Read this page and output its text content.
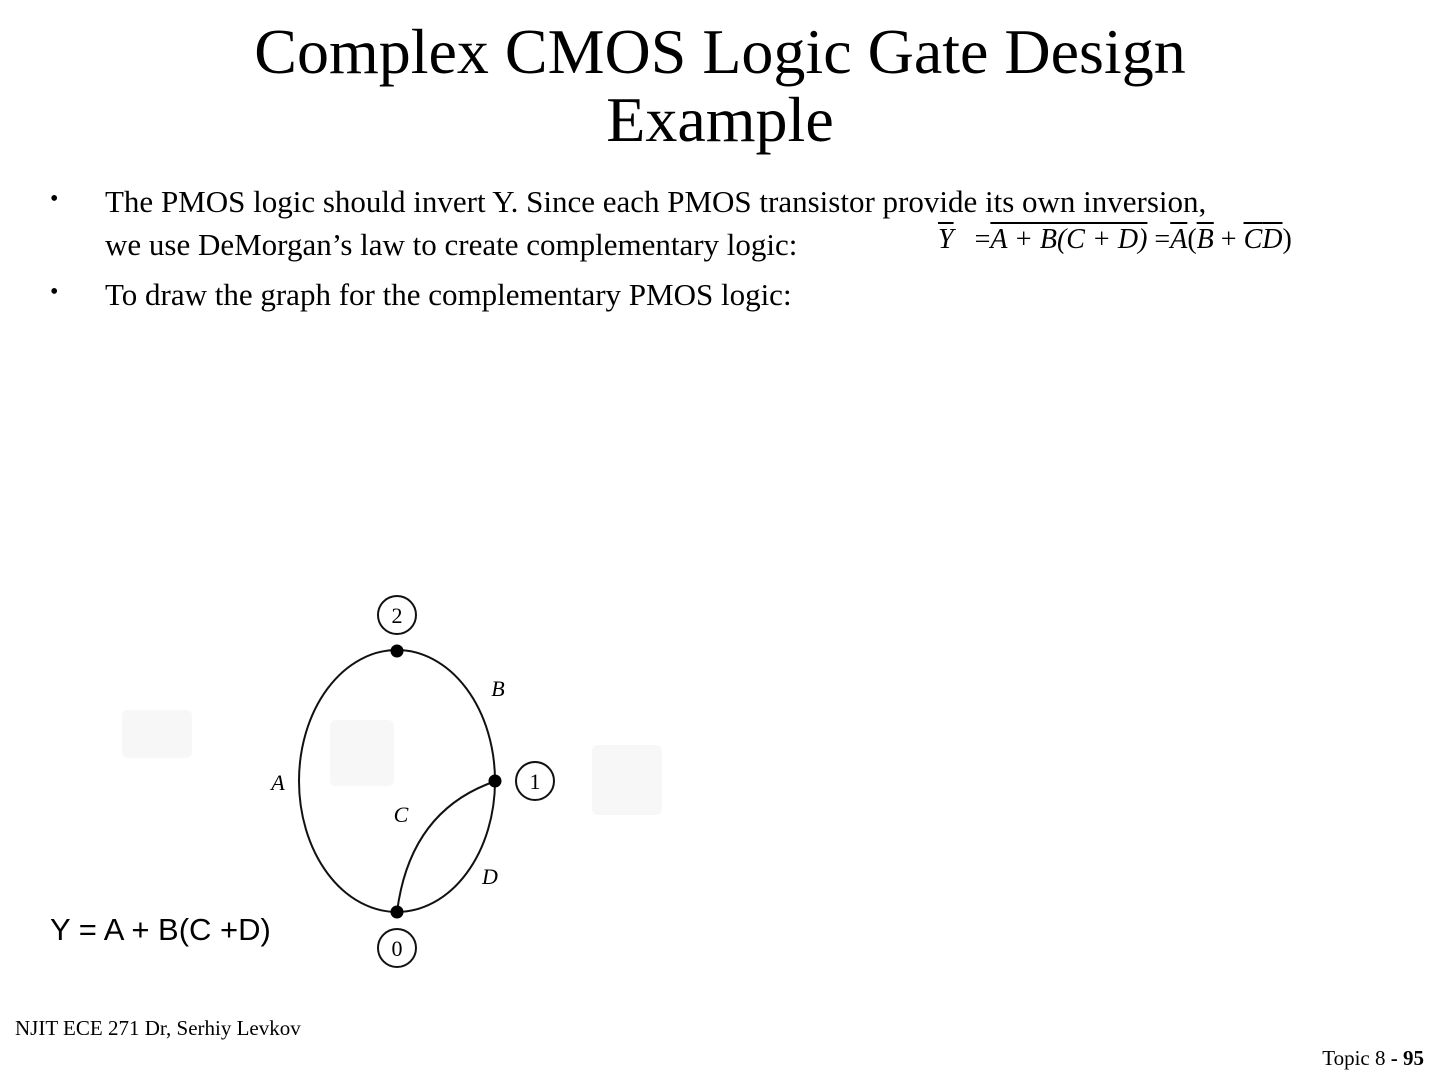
Complex CMOS Logic Gate Design
Example
• The PMOS logic should invert Y. Since each PMOS transistor provide its own inversion,
we use DeMorgan’s law to create complementary logic:
• To draw the graph for the complementary PMOS logic:
$\overline{Y} =A + B(C + D) =\overline{A}(\overline{B} + \overline{C}\overline{D})$
2
1
0
A
B
C
D
Y = A + B(C +D)
NJIT ECE 271 Dr, Serhiy Levkov
Topic 8 - 95
